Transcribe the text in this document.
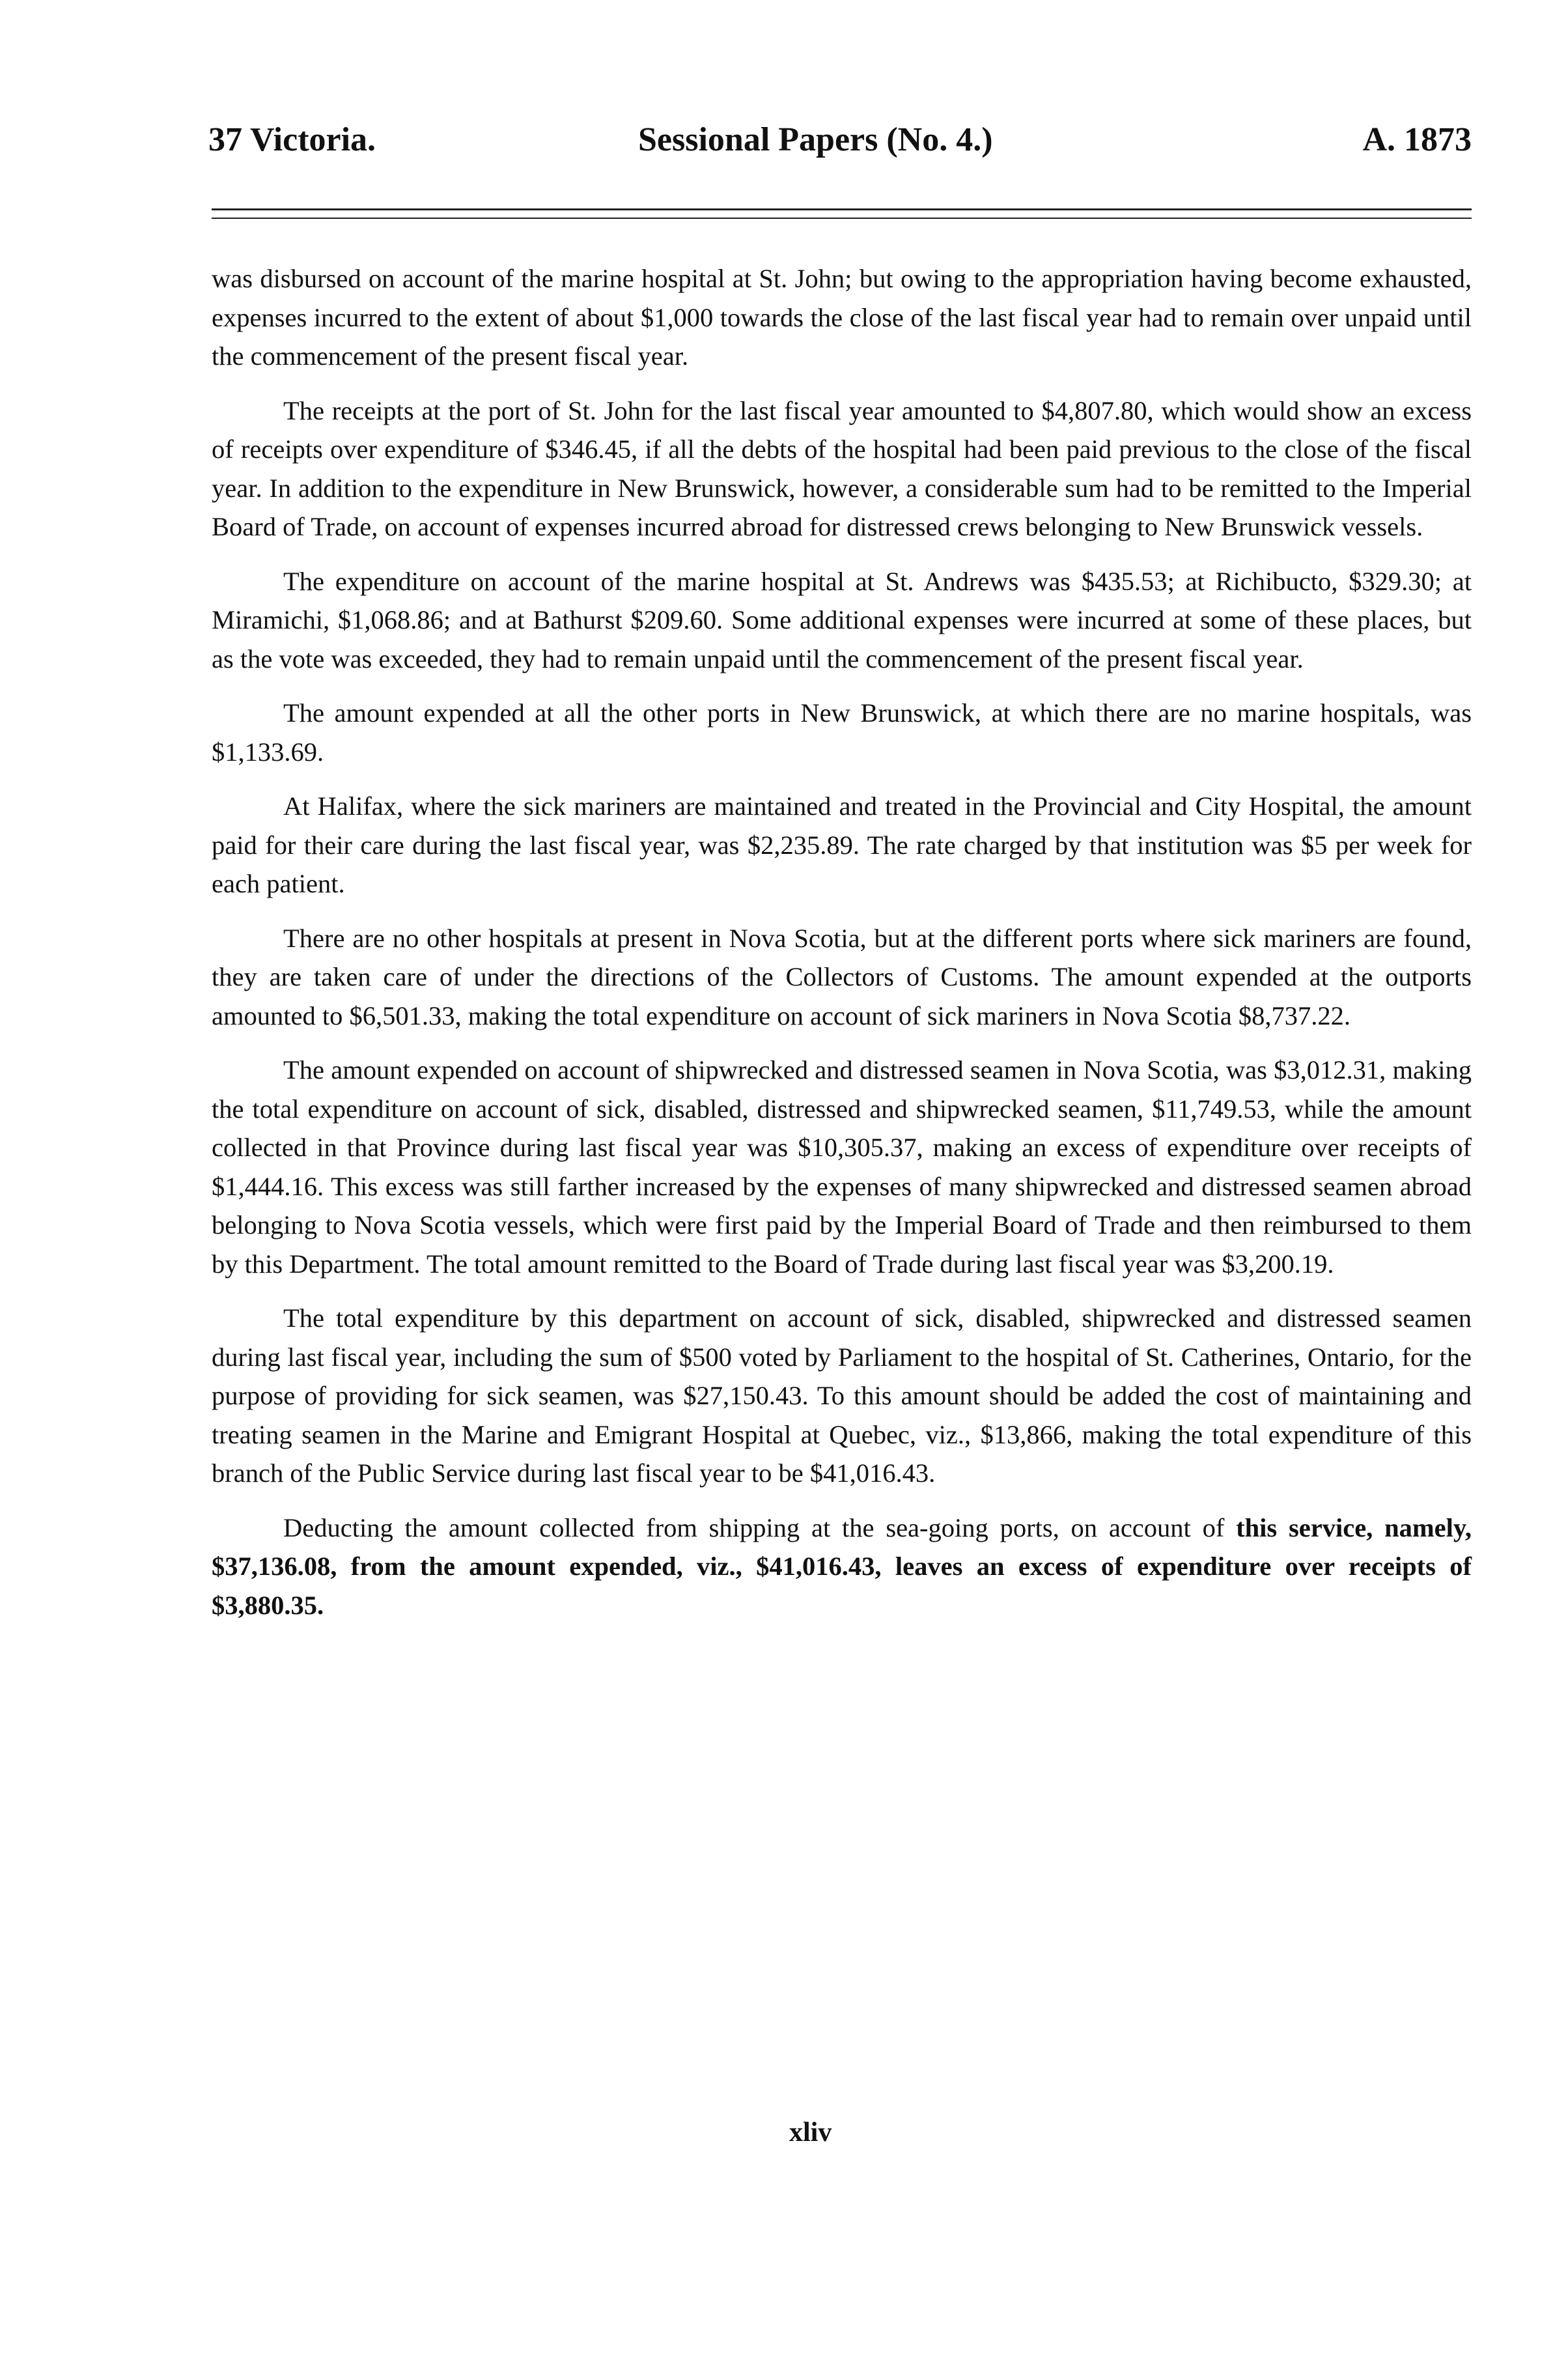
37 Victoria.	Sessional Papers (No. 4.)	A. 1873

was disbursed on account of the marine hospital at St. John; but owing to the appropriation having become exhausted, expenses incurred to the extent of about $1,000 towards the close of the last fiscal year had to remain over unpaid until the commencement of the present fiscal year.

The receipts at the port of St. John for the last fiscal year amounted to $4,807.80, which would show an excess of receipts over expenditure of $346.45, if all the debts of the hospital had been paid previous to the close of the fiscal year. In addition to the expenditure in New Brunswick, however, a considerable sum had to be remitted to the Imperial Board of Trade, on account of expenses incurred abroad for distressed crews belonging to New Brunswick vessels.

The expenditure on account of the marine hospital at St. Andrews was $435.53; at Richibucto, $329.30; at Miramichi, $1,068.86; and at Bathurst $209.60. Some additional expenses were incurred at some of these places, but as the vote was exceeded, they had to remain unpaid until the commencement of the present fiscal year.

The amount expended at all the other ports in New Brunswick, at which there are no marine hospitals, was $1,133.69.

At Halifax, where the sick mariners are maintained and treated in the Provincial and City Hospital, the amount paid for their care during the last fiscal year, was $2,235.89. The rate charged by that institution was $5 per week for each patient.

There are no other hospitals at present in Nova Scotia, but at the different ports where sick mariners are found, they are taken care of under the directions of the Collectors of Customs. The amount expended at the outports amounted to $6,501.33, making the total expenditure on account of sick mariners in Nova Scotia $8,737.22.

The amount expended on account of shipwrecked and distressed seamen in Nova Scotia, was $3,012.31, making the total expenditure on account of sick, disabled, distressed and shipwrecked seamen, $11,749.53, while the amount collected in that Province during last fiscal year was $10,305.37, making an excess of expenditure over receipts of $1,444.16. This excess was still farther increased by the expenses of many shipwrecked and distressed seamen abroad belonging to Nova Scotia vessels, which were first paid by the Imperial Board of Trade and then reimbursed to them by this Department. The total amount remitted to the Board of Trade during last fiscal year was $3,200.19.

The total expenditure by this department on account of sick, disabled, shipwrecked and distressed seamen during last fiscal year, including the sum of $500 voted by Parliament to the hospital of St. Catherines, Ontario, for the purpose of providing for sick seamen, was $27,150.43. To this amount should be added the cost of maintaining and treating seamen in the Marine and Emigrant Hospital at Quebec, viz., $13,866, making the total expenditure of this branch of the Public Service during last fiscal year to be $41,016.43.

Deducting the amount collected from shipping at the sea-going ports, on account of this service, namely, $37,136.08, from the amount expended, viz., $41,016.43, leaves an excess of expenditure over receipts of $3,880.35.

xliv
